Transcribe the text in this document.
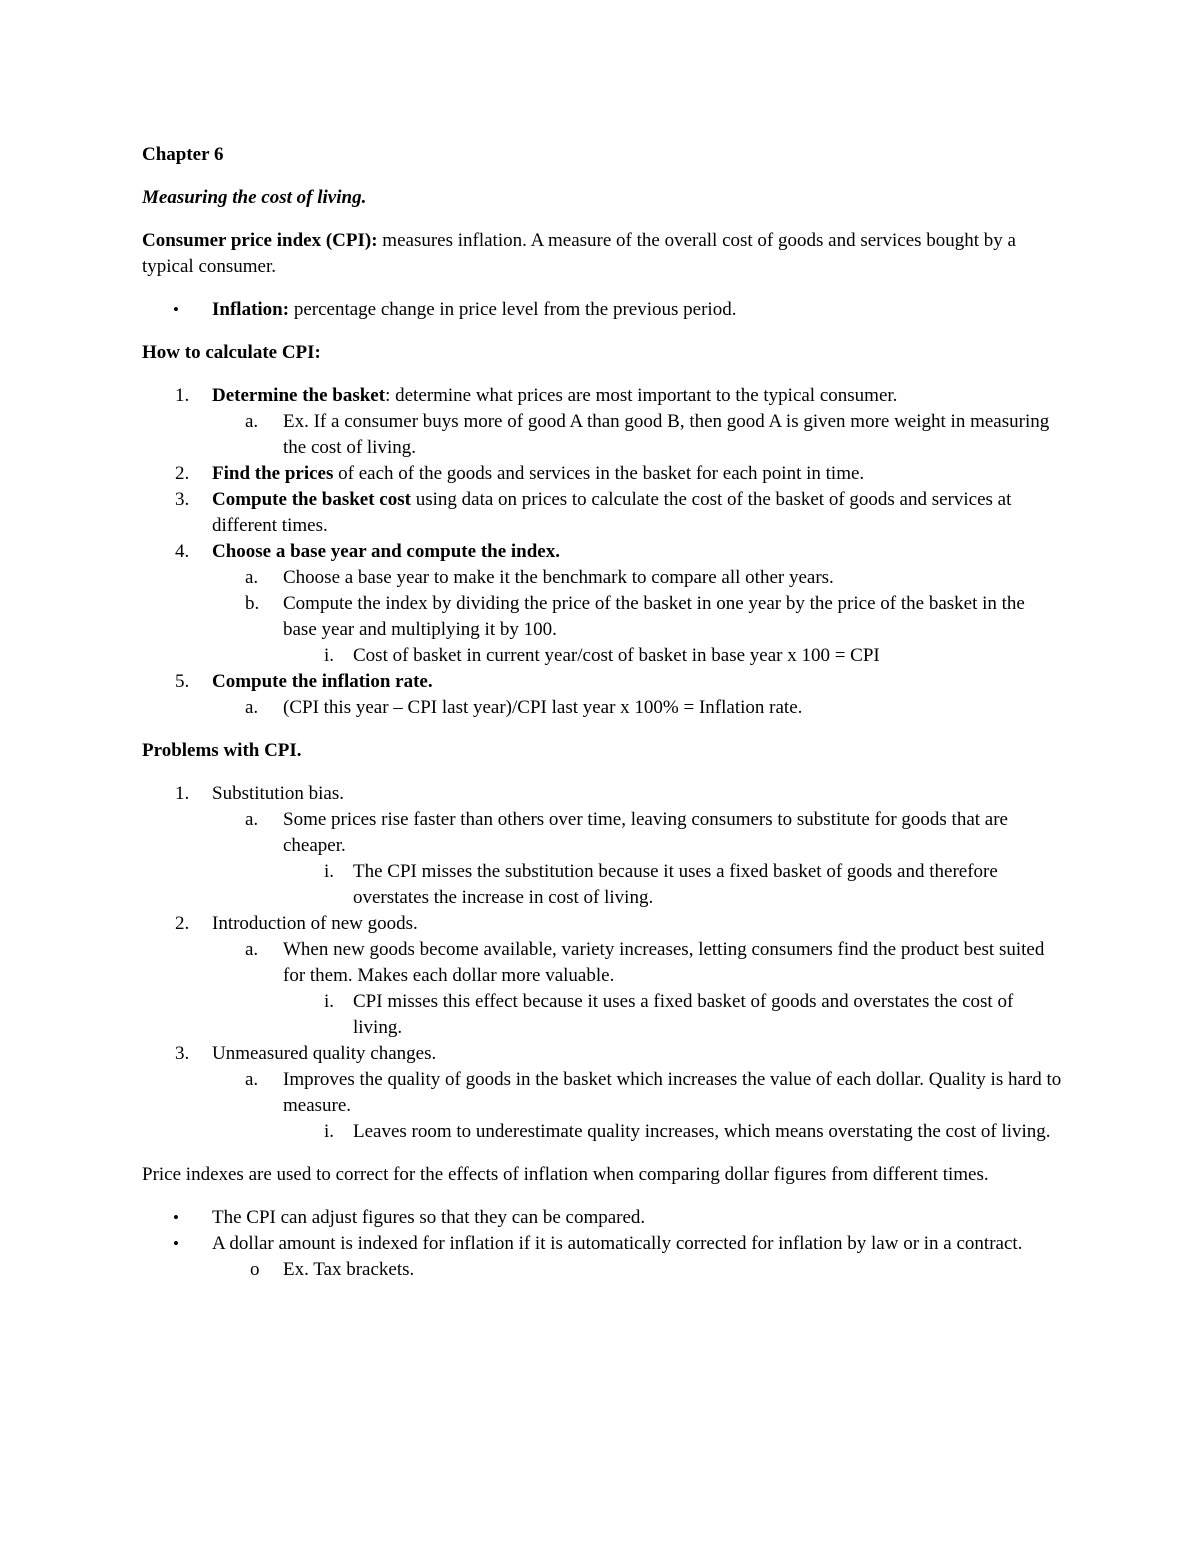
Chapter 6

Measuring the cost of living.

Consumer price index (CPI): measures inflation. A measure of the overall cost of goods and services bought by a typical consumer.

• Inflation: percentage change in price level from the previous period.

How to calculate CPI:

1. Determine the basket: determine what prices are most important to the typical consumer.
a. Ex. If a consumer buys more of good A than good B, then good A is given more weight in measuring the cost of living.
2. Find the prices of each of the goods and services in the basket for each point in time.
3. Compute the basket cost using data on prices to calculate the cost of the basket of goods and services at different times.
4. Choose a base year and compute the index.
a. Choose a base year to make it the benchmark to compare all other years.
b. Compute the index by dividing the price of the basket in one year by the price of the basket in the base year and multiplying it by 100.
i. Cost of basket in current year/cost of basket in base year x 100 = CPI
5. Compute the inflation rate.
a. (CPI this year – CPI last year)/CPI last year x 100% = Inflation rate.

Problems with CPI.

1. Substitution bias.
a. Some prices rise faster than others over time, leaving consumers to substitute for goods that are cheaper.
i. The CPI misses the substitution because it uses a fixed basket of goods and therefore overstates the increase in cost of living.
2. Introduction of new goods.
a. When new goods become available, variety increases, letting consumers find the product best suited for them. Makes each dollar more valuable.
i. CPI misses this effect because it uses a fixed basket of goods and overstates the cost of living.
3. Unmeasured quality changes.
a. Improves the quality of goods in the basket which increases the value of each dollar. Quality is hard to measure.
i. Leaves room to underestimate quality increases, which means overstating the cost of living.

Price indexes are used to correct for the effects of inflation when comparing dollar figures from different times.

• The CPI can adjust figures so that they can be compared.
• A dollar amount is indexed for inflation if it is automatically corrected for inflation by law or in a contract.
o Ex. Tax brackets.
